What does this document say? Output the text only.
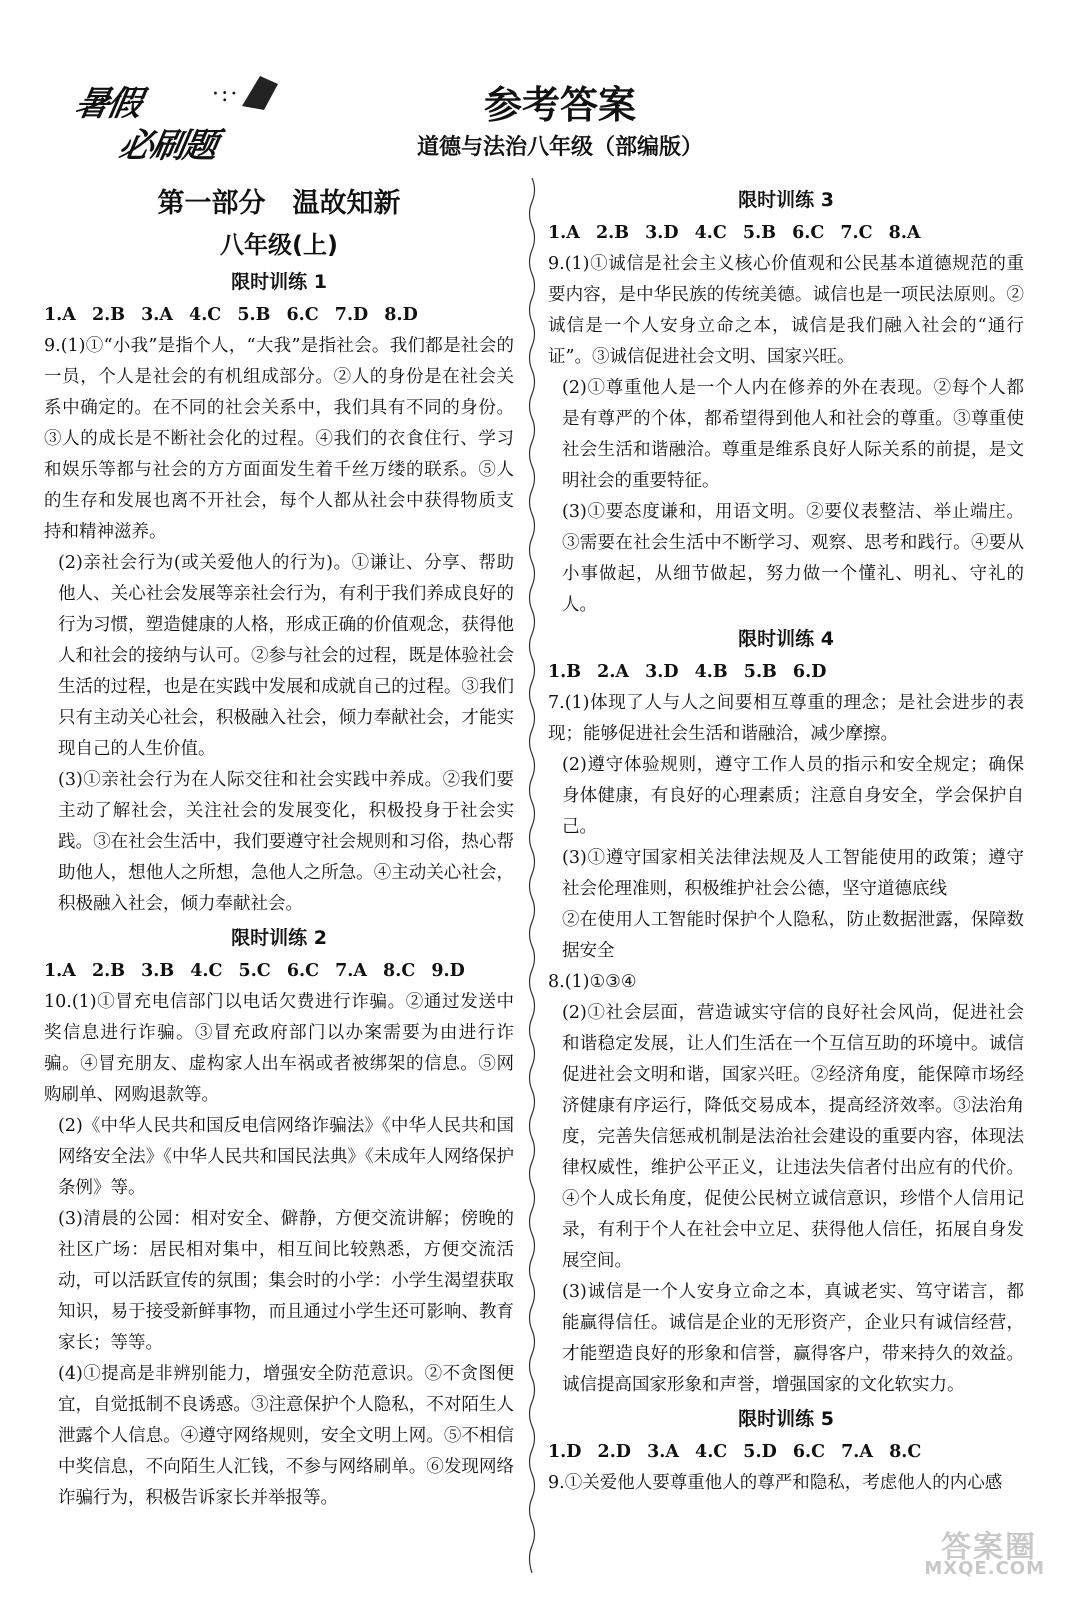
暑假	·:·
必刷题
参考答案
道德与法治八年级（部编版）
第一部分　温故知新
八年级(上)
限时训练 1

1.A 2.B 3.A 4.C 5.B 6.C 7.D 8.D

9.(1)①“小我”是指个人，“大我”是指社会。我们都是社会的一员，个人是社会的有机组成部分。②人的身份是在社会关系中确定的。在不同的社会关系中，我们具有不同的身份。③人的成长是不断社会化的过程。④我们的衣食住行、学习和娱乐等都与社会的方方面面发生着千丝万缕的联系。⑤人的生存和发展也离不开社会，每个人都从社会中获得物质支持和精神滋养。

(2)亲社会行为(或关爱他人的行为)。①谦让、分享、帮助他人、关心社会发展等亲社会行为，有利于我们养成良好的行为习惯，塑造健康的人格，形成正确的价值观念，获得他人和社会的接纳与认可。②参与社会的过程，既是体验社会生活的过程，也是在实践中发展和成就自己的过程。③我们只有主动关心社会，积极融入社会，倾力奉献社会，才能实现自己的人生价值。

(3)①亲社会行为在人际交往和社会实践中养成。②我们要主动了解社会，关注社会的发展变化，积极投身于社会实践。③在社会生活中，我们要遵守社会规则和习俗，热心帮助他人，想他人之所想，急他人之所急。④主动关心社会，积极融入社会，倾力奉献社会。

限时训练 2

1.A 2.B 3.B 4.C 5.C 6.C 7.A 8.C 9.D

10.(1)①冒充电信部门以电话欠费进行诈骗。②通过发送中奖信息进行诈骗。③冒充政府部门以办案需要为由进行诈骗。④冒充朋友、虚构家人出车祸或者被绑架的信息。⑤网购刷单、网购退款等。

(2)《中华人民共和国反电信网络诈骗法》《中华人民共和国网络安全法》《中华人民共和国民法典》《未成年人网络保护条例》等。

(3)清晨的公园：相对安全、僻静，方便交流讲解；傍晚的社区广场：居民相对集中，相互间比较熟悉，方便交流活动，可以活跃宣传的氛围；集会时的小学：小学生渴望获取知识，易于接受新鲜事物，而且通过小学生还可影响、教育家长；等等。

(4)①提高是非辨别能力，增强安全防范意识。②不贪图便宜，自觉抵制不良诱惑。③注意保护个人隐私，不对陌生人泄露个人信息。④遵守网络规则，安全文明上网。⑤不相信中奖信息，不向陌生人汇钱，不参与网络刷单。⑥发现网络诈骗行为，积极告诉家长并举报等。

限时训练 3

1.A 2.B 3.D 4.C 5.B 6.C 7.C 8.A

9.(1)①诚信是社会主义核心价值观和公民基本道德规范的重要内容，是中华民族的传统美德。诚信也是一项民法原则。②诚信是一个人安身立命之本，诚信是我们融入社会的“通行证”。③诚信促进社会文明、国家兴旺。

(2)①尊重他人是一个人内在修养的外在表现。②每个人都是有尊严的个体，都希望得到他人和社会的尊重。③尊重使社会生活和谐融洽。尊重是维系良好人际关系的前提，是文明社会的重要特征。

(3)①要态度谦和，用语文明。②要仪表整洁、举止端庄。③需要在社会生活中不断学习、观察、思考和践行。④要从小事做起，从细节做起，努力做一个懂礼、明礼、守礼的人。

限时训练 4

1.B 2.A 3.D 4.B 5.B 6.D

7.(1)体现了人与人之间要相互尊重的理念；是社会进步的表现；能够促进社会生活和谐融洽，减少摩擦。

(2)遵守体验规则，遵守工作人员的指示和安全规定；确保身体健康，有良好的心理素质；注意自身安全，学会保护自己。

(3)①遵守国家相关法律法规及人工智能使用的政策；遵守社会伦理准则，积极维护社会公德，坚守道德底线

②在使用人工智能时保护个人隐私，防止数据泄露，保障数据安全

8.(1)①③④

(2)①社会层面，营造诚实守信的良好社会风尚，促进社会和谐稳定发展，让人们生活在一个互信互助的环境中。诚信促进社会文明和谐，国家兴旺。②经济角度，能保障市场经济健康有序运行，降低交易成本，提高经济效率。③法治角度，完善失信惩戒机制是法治社会建设的重要内容，体现法律权威性，维护公平正义，让违法失信者付出应有的代价。④个人成长角度，促使公民树立诚信意识，珍惜个人信用记录，有利于个人在社会中立足、获得他人信任，拓展自身发展空间。

(3)诚信是一个人安身立命之本，真诚老实、笃守诺言，都能赢得信任。诚信是企业的无形资产，企业只有诚信经营，才能塑造良好的形象和信誉，赢得客户，带来持久的效益。诚信提高国家形象和声誉，增强国家的文化软实力。

限时训练 5

1.D 2.D 3.A 4.C 5.D 6.C 7.A 8.C

9.①关爱他人要尊重他人的尊严和隐私，考虑他人的内心感

答案圈
MXQE.COM
